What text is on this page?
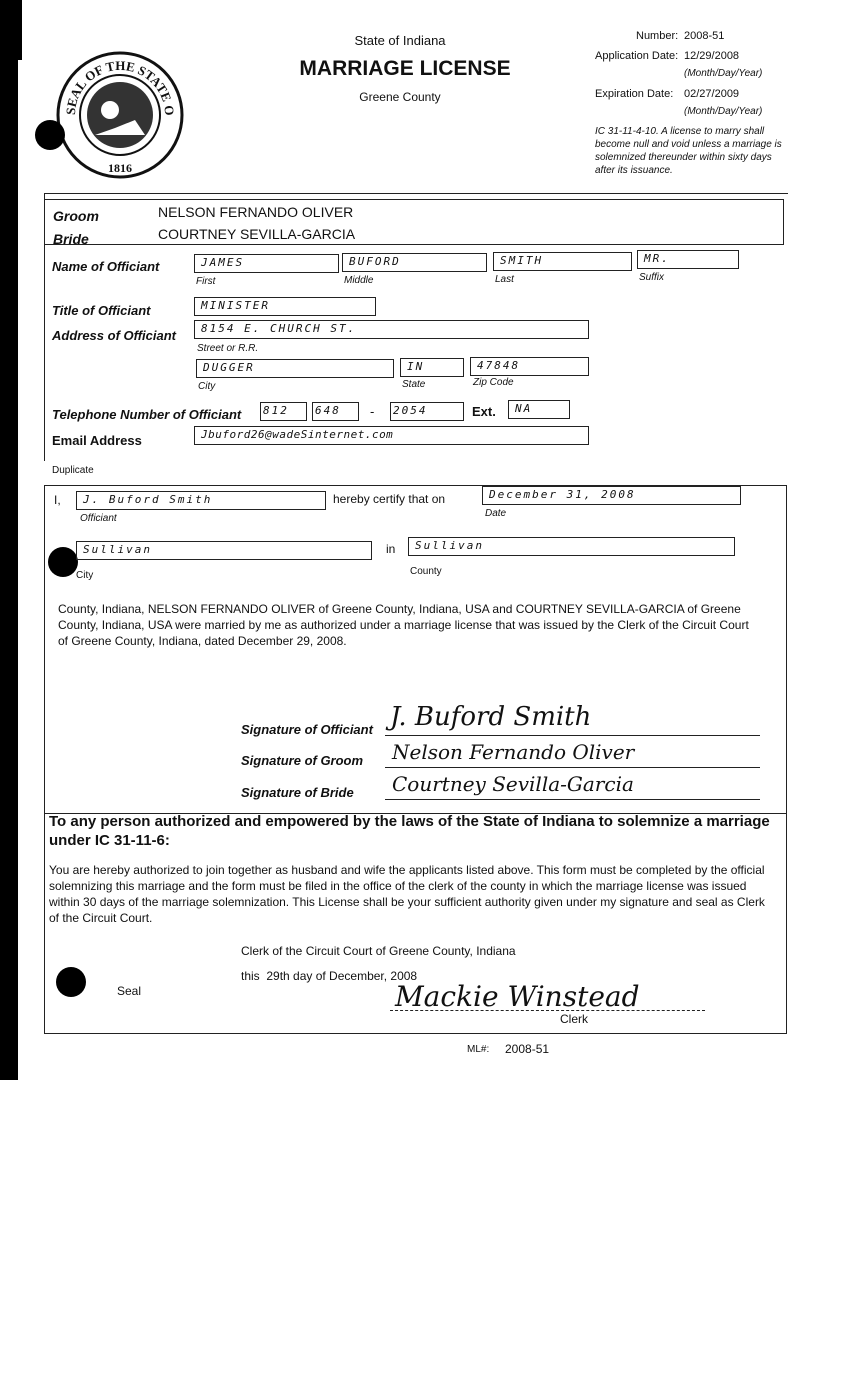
SEAL OF THE STATE O
1816
State of Indiana
MARRIAGE LICENSE
Greene County
Number: 2008-51
Application Date: 12/29/2008
(Month/Day/Year)
Expiration Date: 02/27/2009
(Month/Day/Year)
IC 31-11-4-10. A license to marry shall become null and void unless a marriage is solemnized thereunder within sixty days after its issuance.
Groom	NELSON FERNANDO OLIVER
Bride	COURTNEY SEVILLA-GARCIA
Name of Officiant	JAMES
First
BUFORD
Middle
SMITH
Last
MR.
Suffix
Title of Officiant	MINISTER
Address of Officiant 8154 E. CHURCH ST.
Street or R.R.
DUGGER
City
IN
State
47848
Zip Code
Telephone Number of Officiant 812 648 - 2054	Ext. NA
Email Address	Jbuford26@wadeSinternet.com
Duplicate
I, J. Buford Smith
Officiant
hereby certify that on	December 31, 2008
Date
Sullivan
City
in Sullivan
County
County, Indiana, NELSON FERNANDO OLIVER of Greene County, Indiana, USA and COURTNEY SEVILLA-GARCIA of Greene County, Indiana, USA were married by me as authorized under a marriage license that was issued by the Clerk of the Circuit Court of Greene County, Indiana, dated December 29, 2008.
Signature of Officiant J. Buford Smith
Signature of Groom Nelson Fernando Oliver
Signature of Bride Courtney Sevilla-Garcia
To any person authorized and empowered by the laws of the State of Indiana to solemnize a marriage under IC 31-11-6:
You are hereby authorized to join together as husband and wife the applicants listed above. This form must be completed by the official solemnizing this marriage and the form must be filed in the office of the clerk of the county in which the marriage license was issued within 30 days of the marriage solemnization. This License shall be your sufficient authority given under my signature and seal as Clerk of the Circuit Court.
Clerk of the Circuit Court of Greene County, Indiana
Seal
this  29th day of December, 2008
Mackie Winstead
Clerk
ML#: 2008-51
